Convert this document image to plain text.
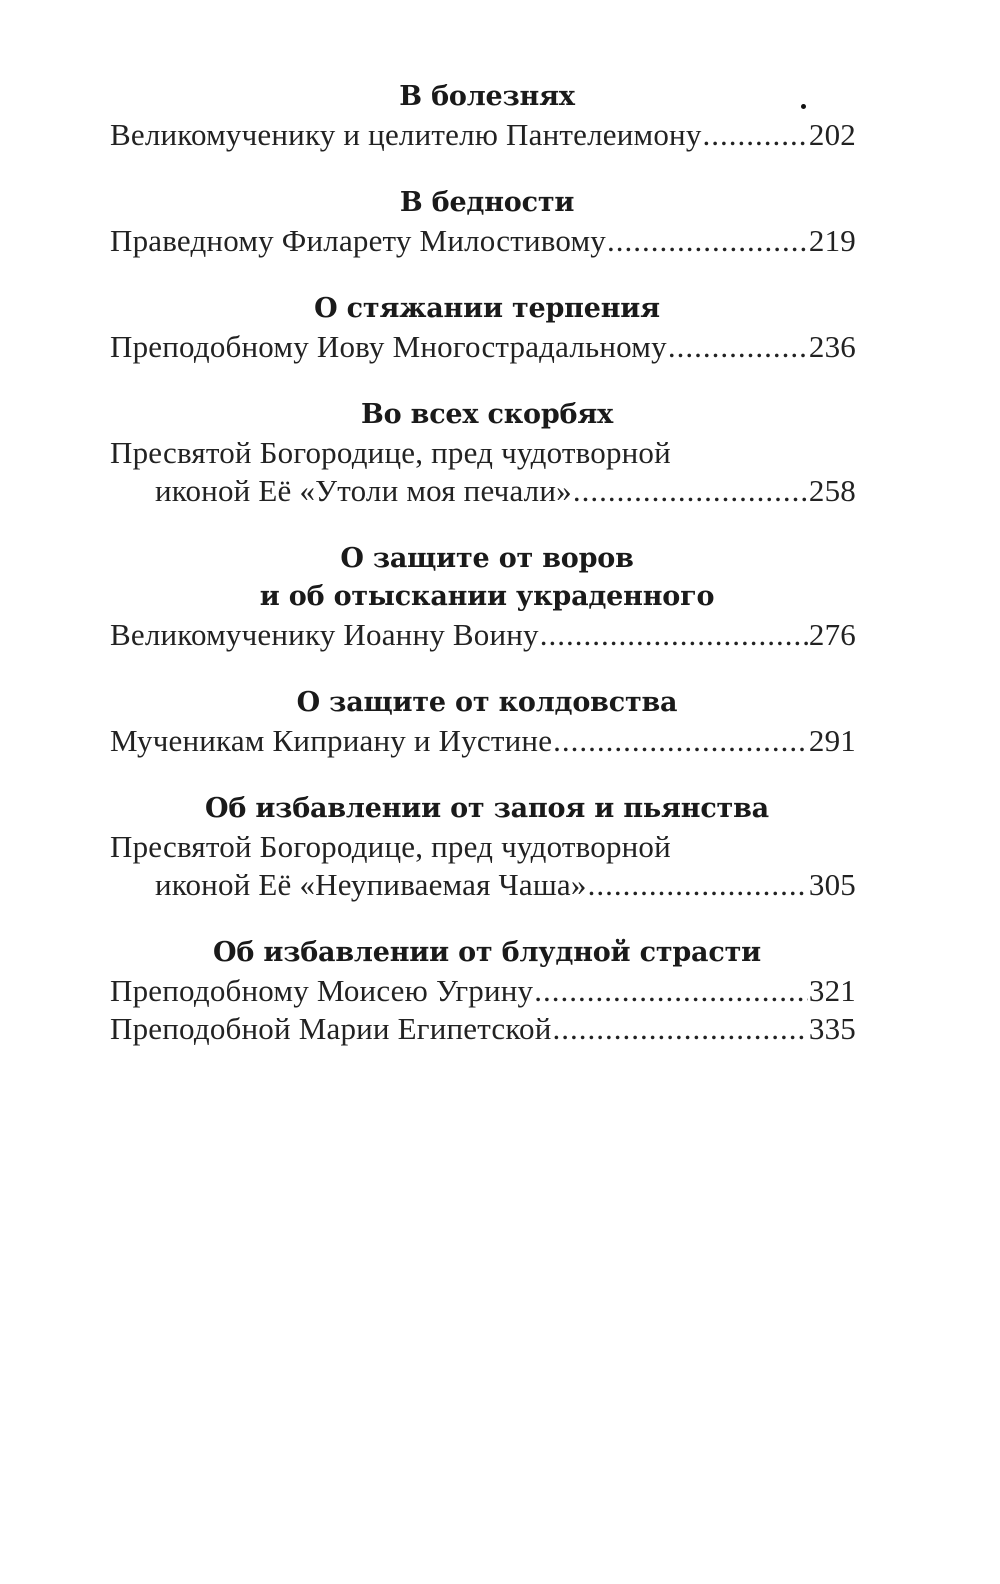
В болезнях
Великомученику и целителю Пантелеимону .....	202
В бедности
Праведному Филарету Милостивому .....	219
О стяжании терпения
Преподобному Иову Многострадальному .....	236
Во всех скорбях
Пресвятой Богородице, пред чудотворной
иконой Её «Утоли моя печали» .....	258
О защите от воров
и об отыскании украденного
Великомученику Иоанну Воину .....	276
О защите от колдовства
Мученикам Киприану и Иустине .....	291
Об избавлении от запоя и пьянства
Пресвятой Богородице, пред чудотворной
иконой Её «Неупиваемая Чаша» .....	305
Об избавлении от блудной страсти
Преподобному Моисею Угрину .....	321
Преподобной Марии Египетской .....	335
